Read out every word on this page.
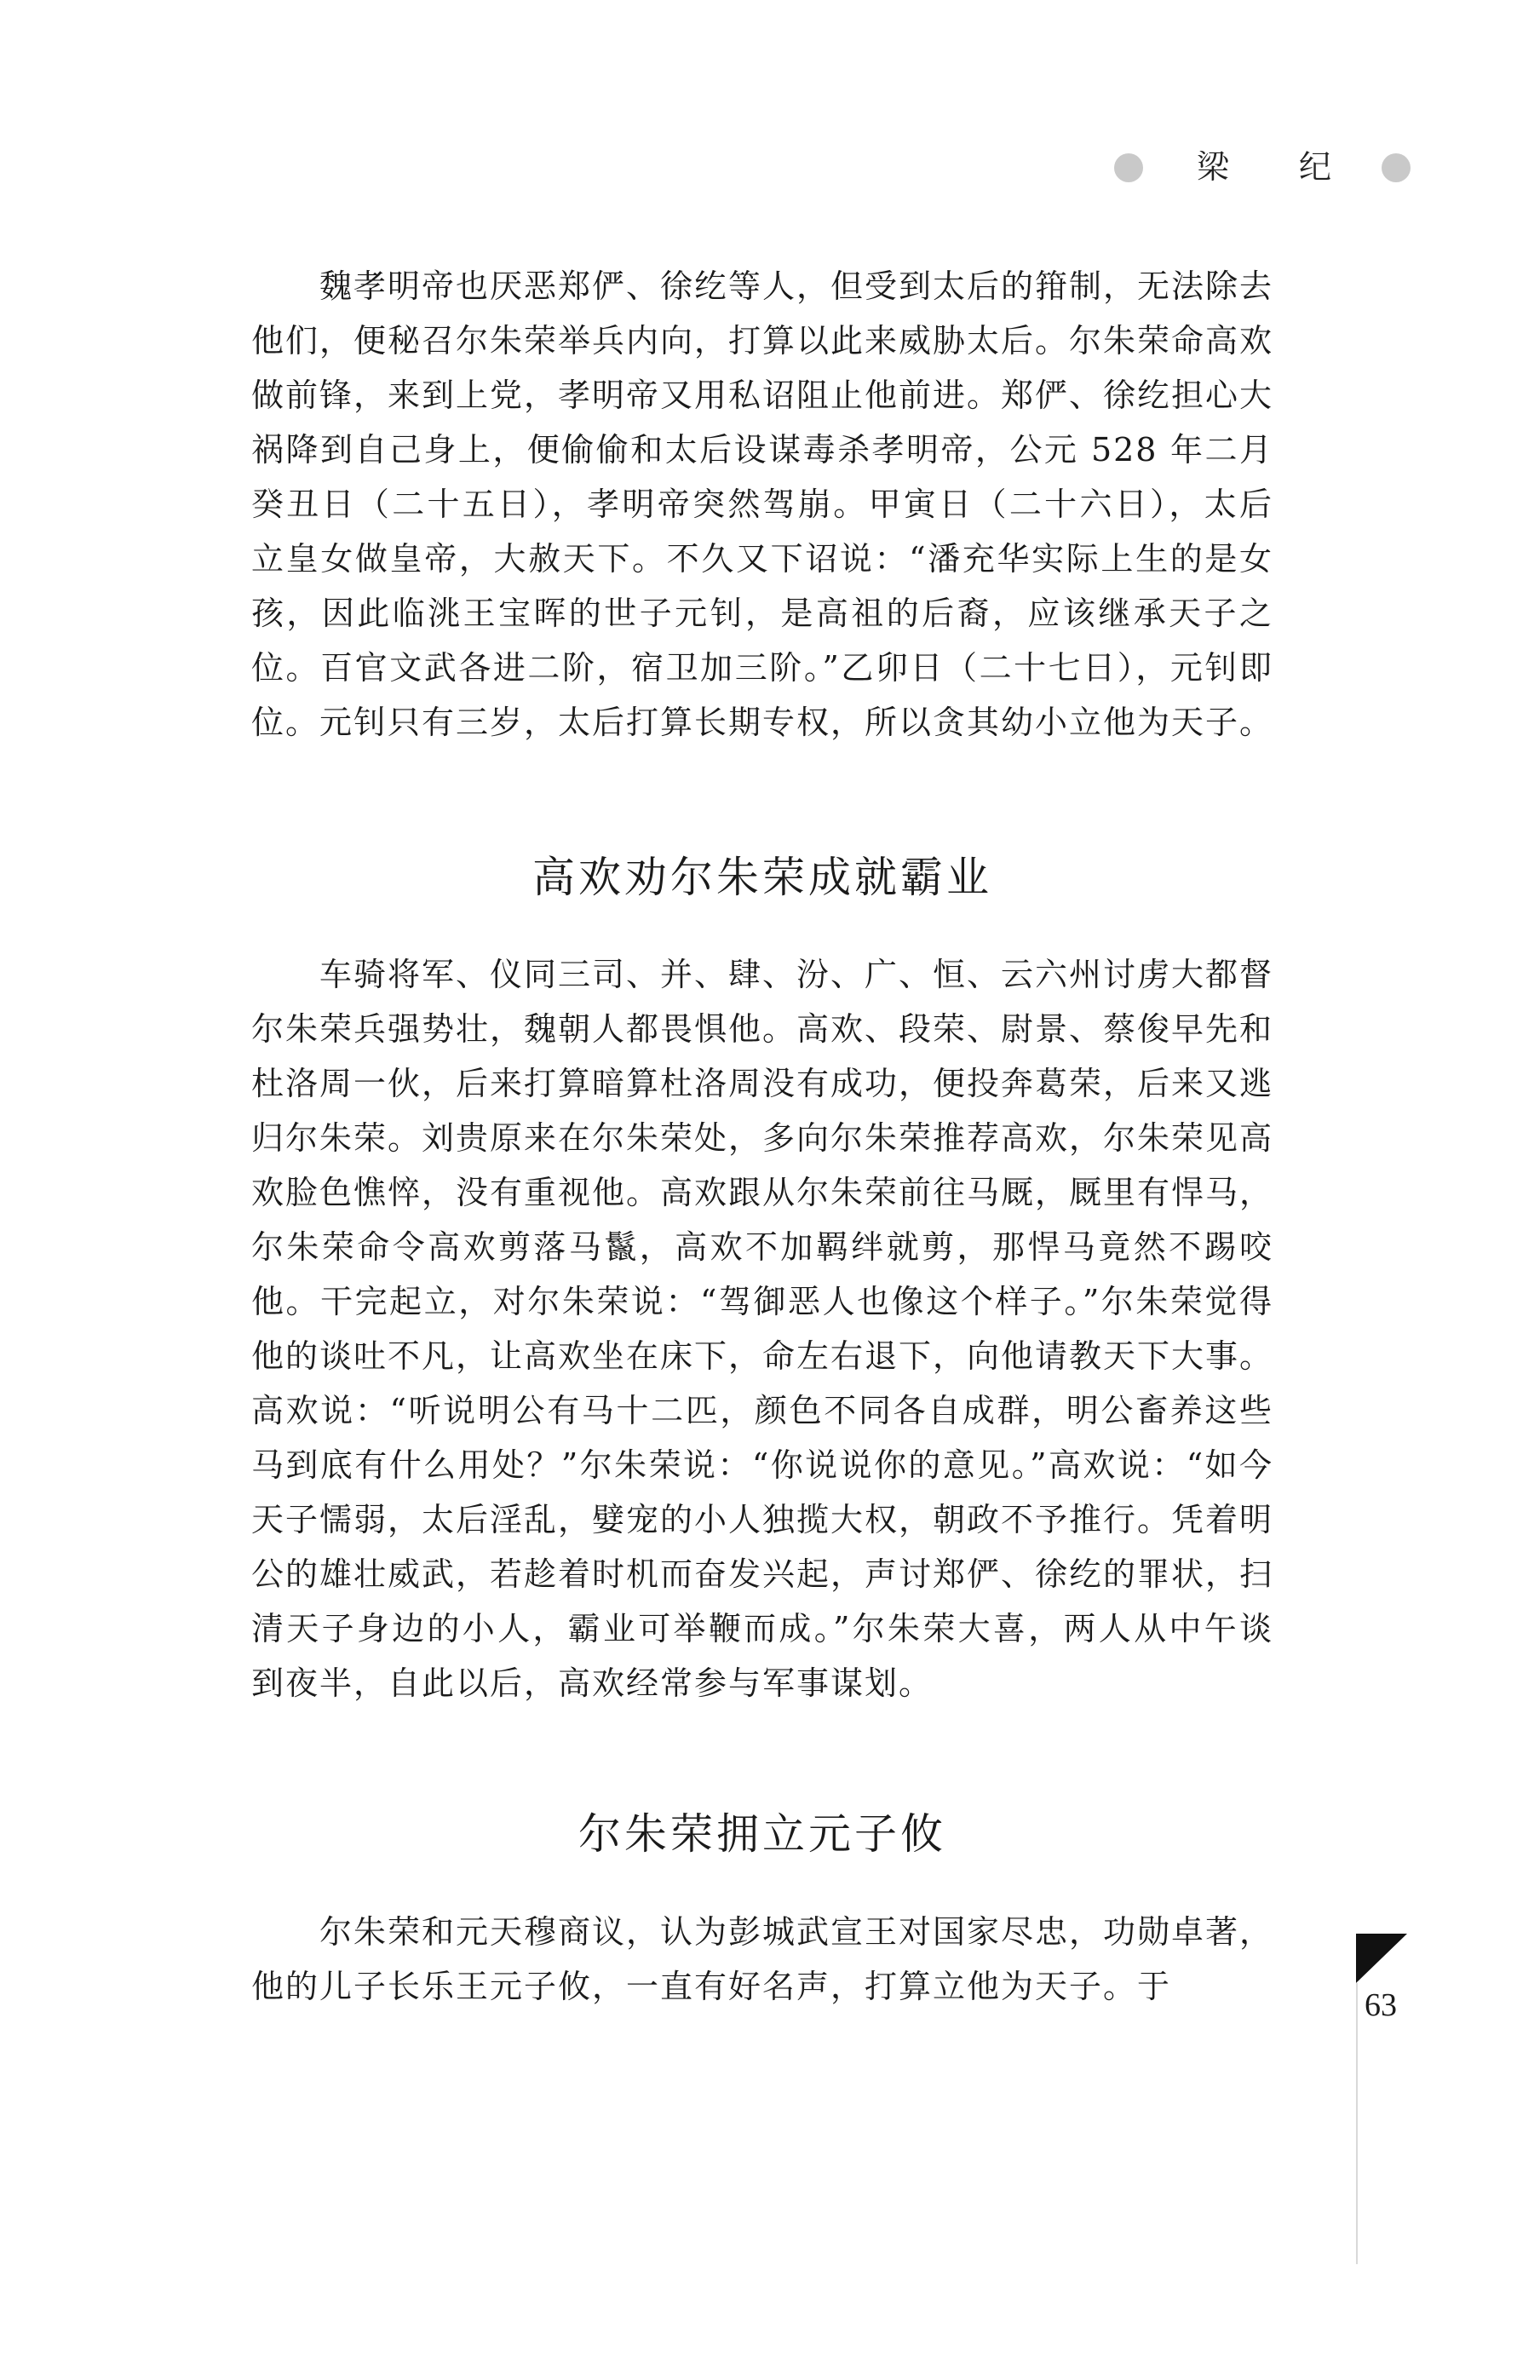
梁 纪

魏孝明帝也厌恶郑俨、徐纥等人，但受到太后的箝制，无法除去他们，便秘召尔朱荣举兵内向，打算以此来威胁太后。尔朱荣命高欢做前锋，来到上党，孝明帝又用私诏阻止他前进。郑俨、徐纥担心大祸降到自己身上，便偷偷和太后设谋毒杀孝明帝，公元 528 年二月癸丑日（二十五日），孝明帝突然驾崩。甲寅日（二十六日），太后立皇女做皇帝，大赦天下。不久又下诏说：“潘充华实际上生的是女孩，因此临洮王宝晖的世子元钊，是高祖的后裔，应该继承天子之位。百官文武各进二阶，宿卫加三阶。”乙卯日（二十七日），元钊即位。元钊只有三岁，太后打算长期专权，所以贪其幼小立他为天子。

高欢劝尔朱荣成就霸业

车骑将军、仪同三司、并、肆、汾、广、恒、云六州讨虏大都督尔朱荣兵强势壮，魏朝人都畏惧他。高欢、段荣、尉景、蔡俊早先和杜洛周一伙，后来打算暗算杜洛周没有成功，便投奔葛荣，后来又逃归尔朱荣。刘贵原来在尔朱荣处，多向尔朱荣推荐高欢，尔朱荣见高欢脸色憔悴，没有重视他。高欢跟从尔朱荣前往马厩，厩里有悍马，尔朱荣命令高欢剪落马鬣，高欢不加羁绊就剪，那悍马竟然不踢咬他。干完起立，对尔朱荣说：“驾御恶人也像这个样子。”尔朱荣觉得他的谈吐不凡，让高欢坐在床下，命左右退下，向他请教天下大事。高欢说：“听说明公有马十二匹，颜色不同各自成群，明公畜养这些马到底有什么用处？”尔朱荣说：“你说说你的意见。”高欢说：“如今天子懦弱，太后淫乱，嬖宠的小人独揽大权，朝政不予推行。凭着明公的雄壮威武，若趁着时机而奋发兴起，声讨郑俨、徐纥的罪状，扫清天子身边的小人，霸业可举鞭而成。”尔朱荣大喜，两人从中午谈到夜半，自此以后，高欢经常参与军事谋划。

尔朱荣拥立元子攸

尔朱荣和元天穆商议，认为彭城武宣王对国家尽忠，功勋卓著，他的儿子长乐王元子攸，一直有好名声，打算立他为天子。于	63
